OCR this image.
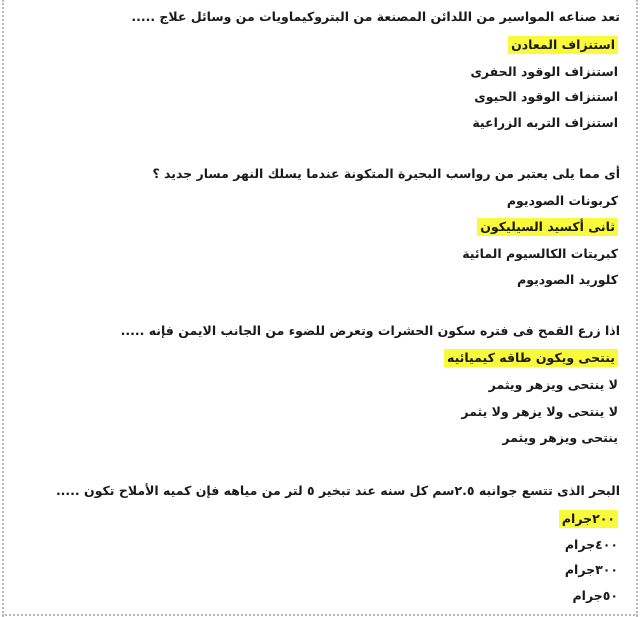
تعد صناعه المواسير من اللدائن المصنعة من البتروكيماويات من وسائل علاج .....
استنزاف المعادن
استنزاف الوقود الحفرى
استنزاف الوقود الحيوى
استنزاف التربه الزراعية
أى مما يلى يعتبر من رواسب البحيرة المتكونة عندما يسلك النهر مسار جديد ؟
كربونات الصوديوم
ثانى أكسيد السيليكون
كبريتات الكالسيوم المائية
كلوريد الصوديوم
اذا زرع القمح فى فتره سكون الحشرات وتعرض للضوء من الجانب الايمن فإنه .....
ينتحى ويكون طاقه كيميائيه
لا ينتحى ويزهر ويثمر
لا ينتحى ولا يزهر ولا يثمر
ينتحى ويزهر ويثمر
البحر الذى تتسع جوانبه ٢.٥سم كل سنه عند تبخير ٥ لتر من مياهه فإن كميه الأملاح تكون .....
٢٠٠جرام
٤٠٠جرام
٣٠٠جرام
٥٠جرام
